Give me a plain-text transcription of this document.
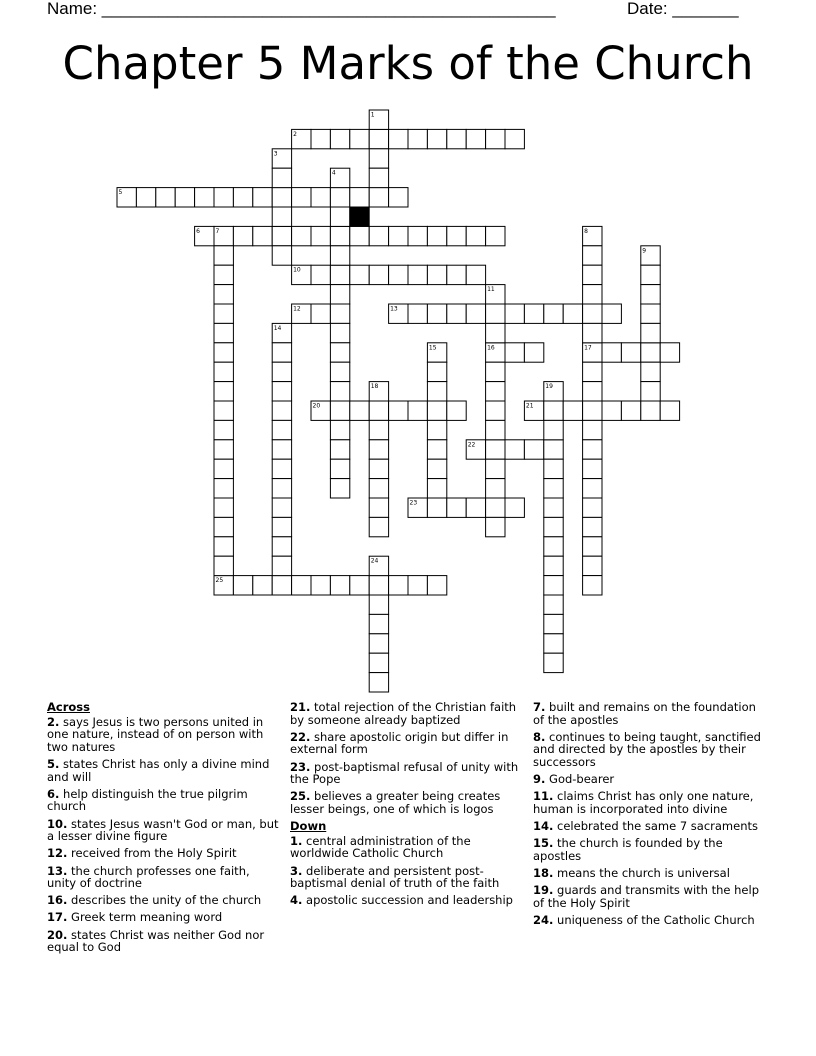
Name: ________________________________________________	Date: _______
Chapter 5 Marks of the Church
2
5
6
10
12	13
16	17
20	21
22
23
25
1
3
4
7	8
9
11
14
15
18	19
24
Across
2. says Jesus is two persons united in one nature, instead of on person with two natures
5. states Christ has only a divine mind and will
6. help distinguish the true pilgrim church
10. states Jesus wasn't God or man, but a lesser divine figure
12. received from the Holy Spirit
13. the church professes one faith, unity of doctrine
16. describes the unity of the church
17. Greek term meaning word
20. states Christ was neither God nor equal to God
21. total rejection of the Christian faith by someone already baptized
22. share apostolic origin but differ in external form
23. post-baptismal refusal of unity with the Pope
25. believes a greater being creates lesser beings, one of which is logos
Down
1. central administration of the worldwide Catholic Church
3. deliberate and persistent post-baptismal denial of truth of the faith
4. apostolic succession and leadership
7. built and remains on the foundation of the apostles
8. continues to being taught, sanctified and directed by the apostles by their successors
9. God-bearer
11. claims Christ has only one nature, human is incorporated into divine
14. celebrated the same 7 sacraments
15. the church is founded by the apostles
18. means the church is universal
19. guards and transmits with the help of the Holy Spirit
24. uniqueness of the Catholic Church
